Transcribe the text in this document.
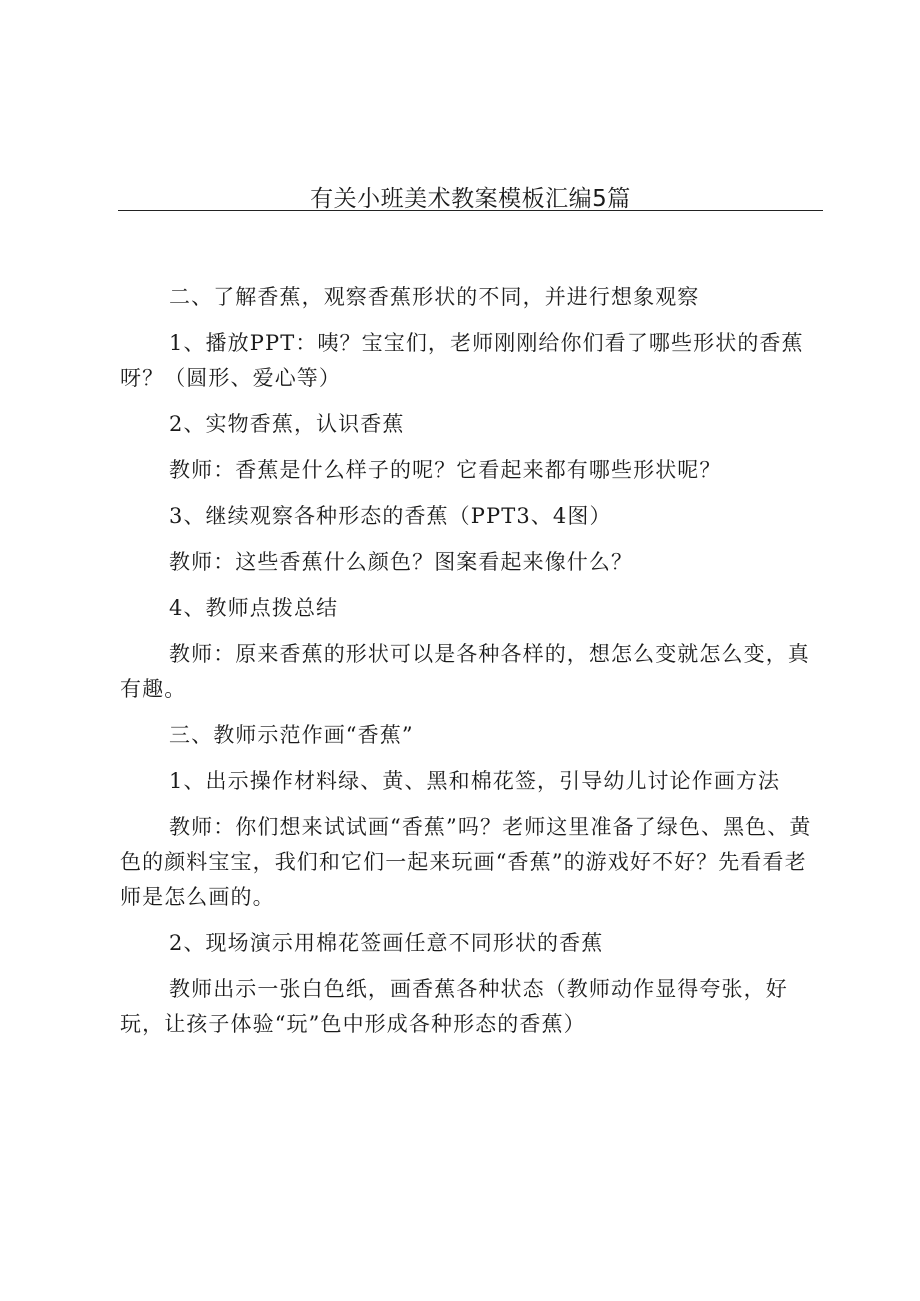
有关小班美术教案模板汇编5篇

二、了解香蕉，观察香蕉形状的不同，并进行想象观察

1、播放PPT：咦？宝宝们，老师刚刚给你们看了哪些形状的香蕉呀？（圆形、爱心等）

2、实物香蕉，认识香蕉

教师：香蕉是什么样子的呢？它看起来都有哪些形状呢？

3、继续观察各种形态的香蕉（PPT3、4图）

教师：这些香蕉什么颜色？图案看起来像什么？

4、教师点拨总结

教师：原来香蕉的形状可以是各种各样的，想怎么变就怎么变，真有趣。

三、教师示范作画“香蕉”

1、出示操作材料绿、黄、黑和棉花签，引导幼儿讨论作画方法

教师：你们想来试试画“香蕉”吗？老师这里准备了绿色、黑色、黄色的颜料宝宝，我们和它们一起来玩画“香蕉”的游戏好不好？先看看老师是怎么画的。

2、现场演示用棉花签画任意不同形状的香蕉

教师出示一张白色纸，画香蕉各种状态（教师动作显得夸张，好玩，让孩子体验“玩”色中形成各种形态的香蕉）
